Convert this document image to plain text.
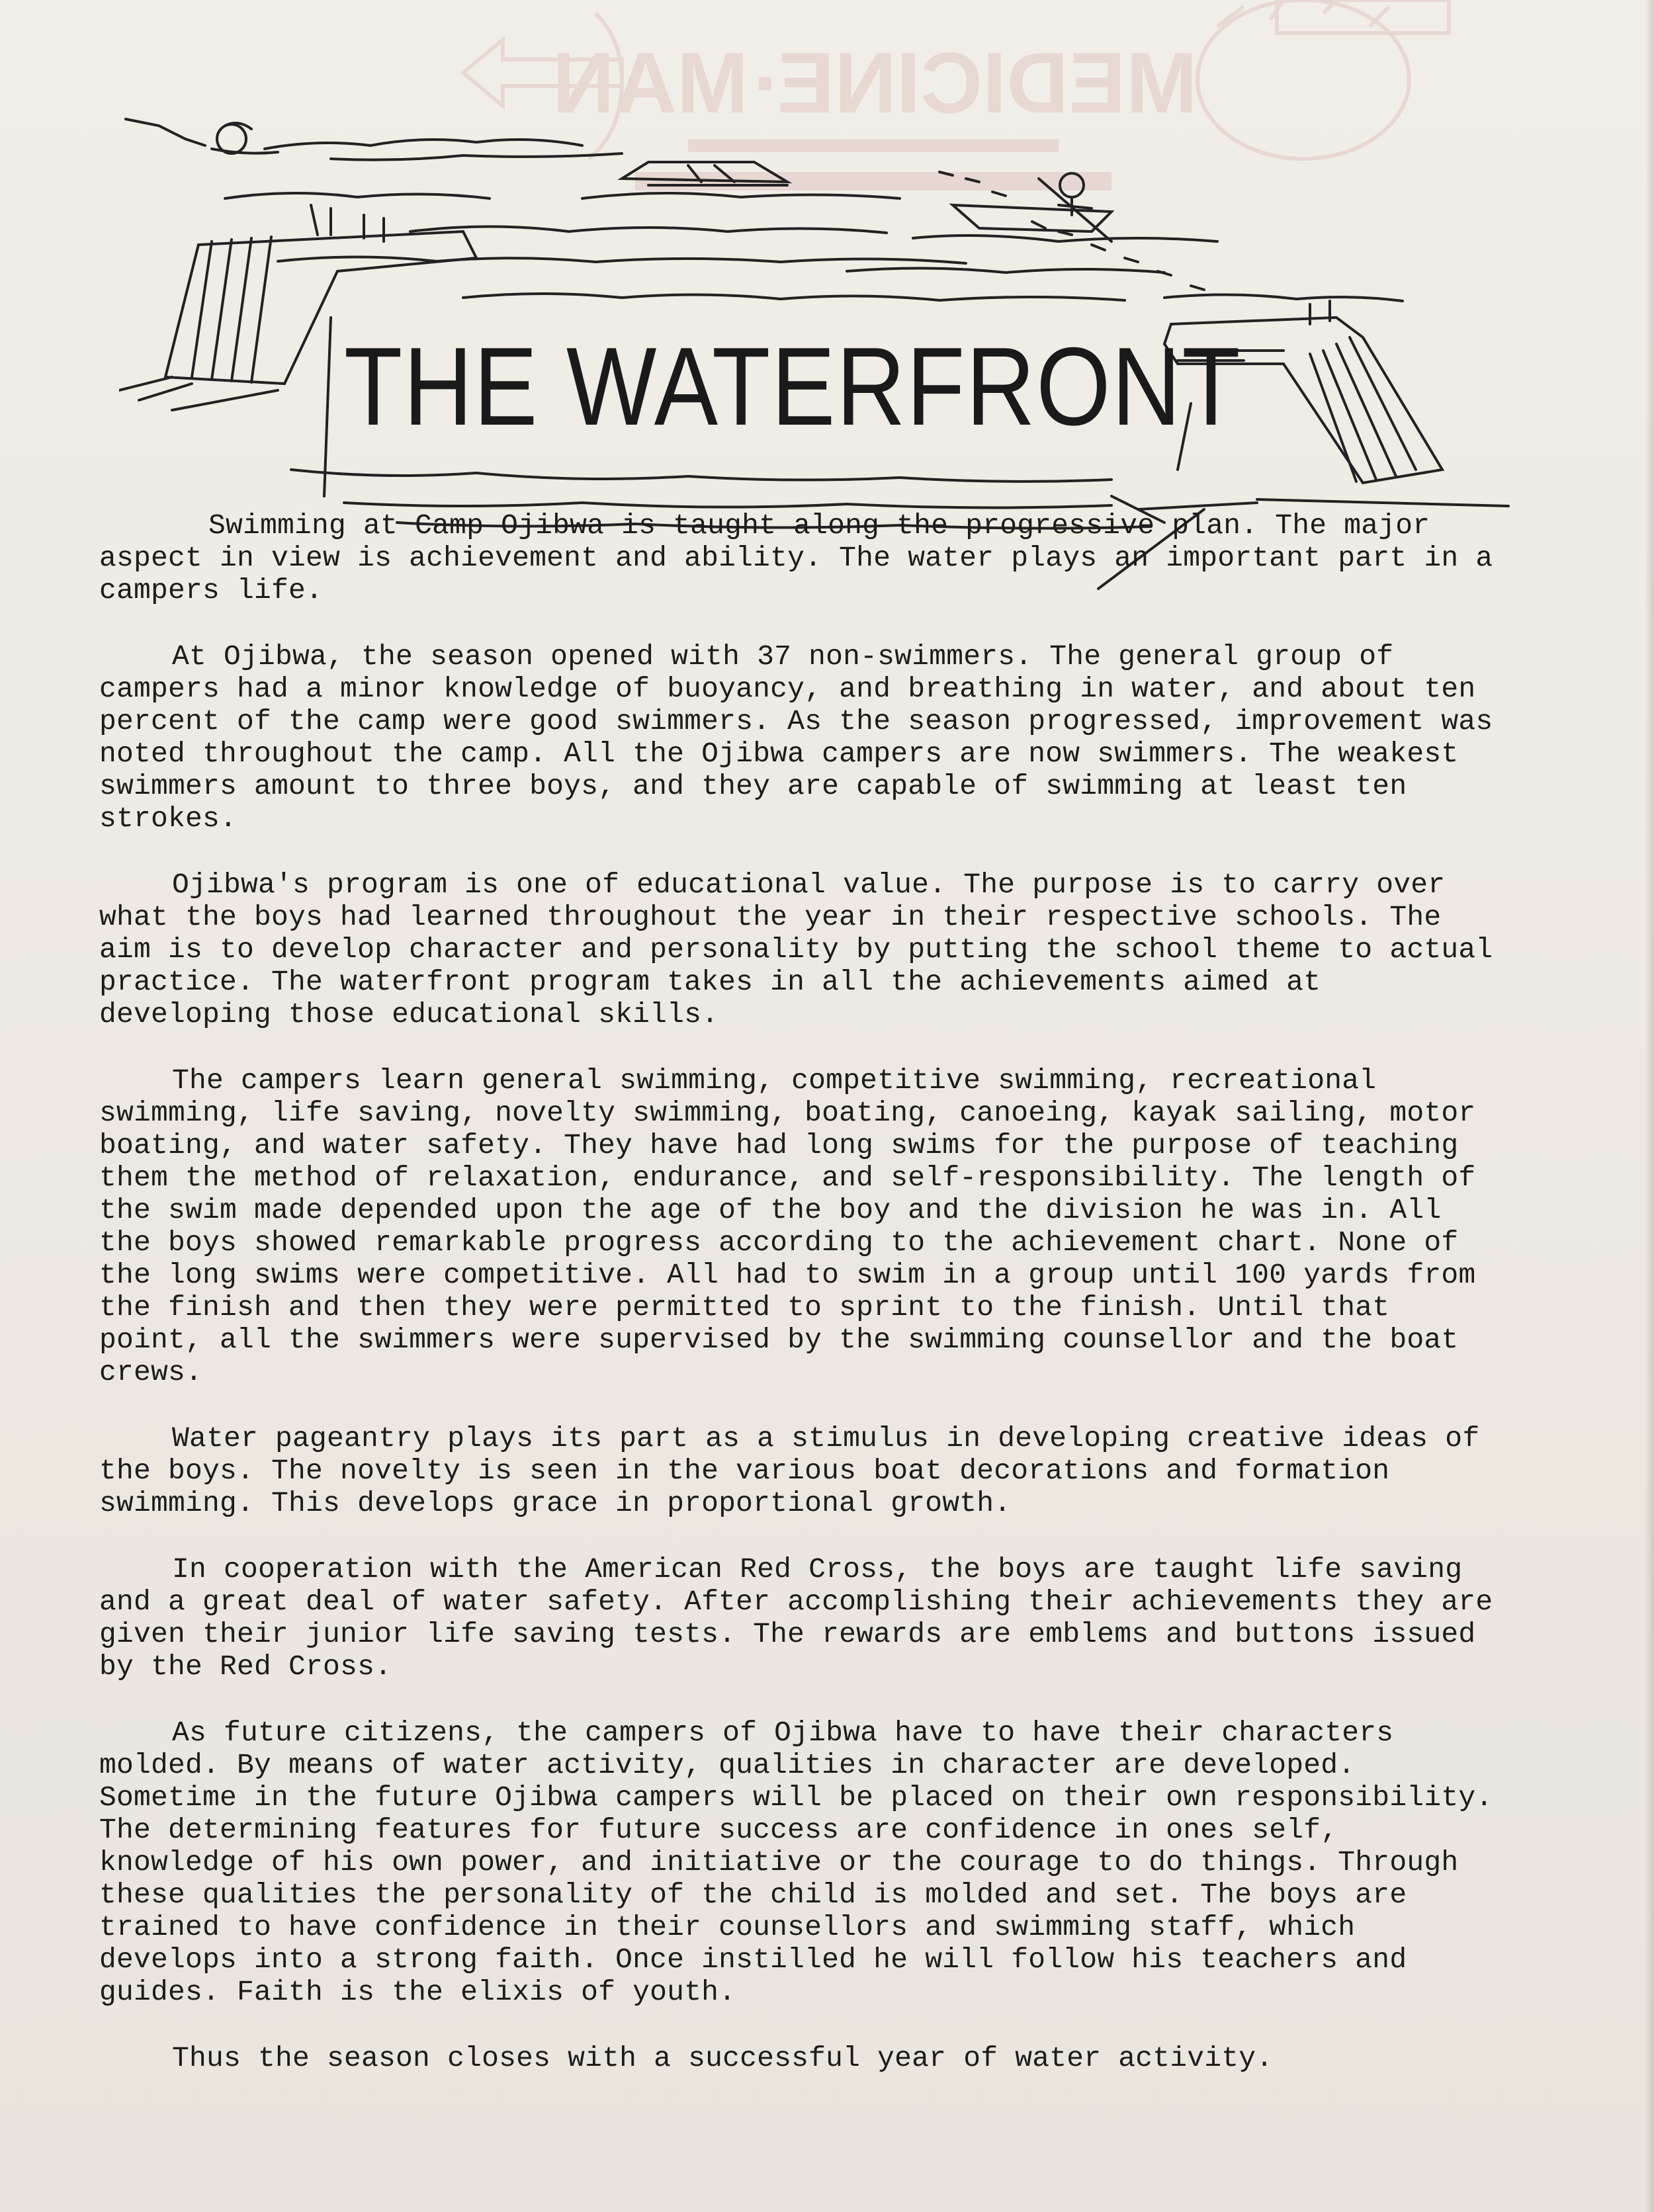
MEDICINE·MAN
THE WATERFRONT

Swimming at Camp Ojibwa is taught along the progressive plan. The major aspect in view is achievement and ability. The water plays an important part in a campers life.

At Ojibwa, the season opened with 37 non-swimmers. The general group of campers had a minor knowledge of buoyancy, and breathing in water, and about ten percent of the camp were good swimmers. As the season progressed, improvement was noted throughout the camp. All the Ojibwa campers are now swimmers. The weakest swimmers amount to three boys, and they are capable of swimming at least ten strokes.

Ojibwa's program is one of educational value. The purpose is to carry over what the boys had learned throughout the year in their respective schools. The aim is to develop character and personality by putting the school theme to actual practice. The waterfront program takes in all the achievements aimed at developing those educational skills.

The campers learn general swimming, competitive swimming, recreational swimming, life saving, novelty swimming, boating, canoeing, kayak sailing, motor boating, and water safety. They have had long swims for the purpose of teaching them the method of relaxation, endurance, and self-responsibility. The length of the swim made depended upon the age of the boy and the division he was in. All the boys showed remarkable progress according to the achievement chart. None of the long swims were competitive. All had to swim in a group until 100 yards from the finish and then they were permitted to sprint to the finish. Until that point, all the swimmers were supervised by the swimming counsellor and the boat crews.

Water pageantry plays its part as a stimulus in developing creative ideas of the boys. The novelty is seen in the various boat decorations and formation swimming. This develops grace in proportional growth.

In cooperation with the American Red Cross, the boys are taught life saving and a great deal of water safety. After accomplishing their achievements they are given their junior life saving tests. The rewards are emblems and buttons issued by the Red Cross.

As future citizens, the campers of Ojibwa have to have their characters molded. By means of water activity, qualities in character are developed. Sometime in the future Ojibwa campers will be placed on their own responsibility. The determining features for future success are confidence in ones self, knowledge of his own power, and initiative or the courage to do things. Through these qualities the personality of the child is molded and set. The boys are trained to have confidence in their counsellors and swimming staff, which develops into a strong faith. Once instilled he will follow his teachers and guides. Faith is the elixis of youth.

Thus the season closes with a successful year of water activity.
